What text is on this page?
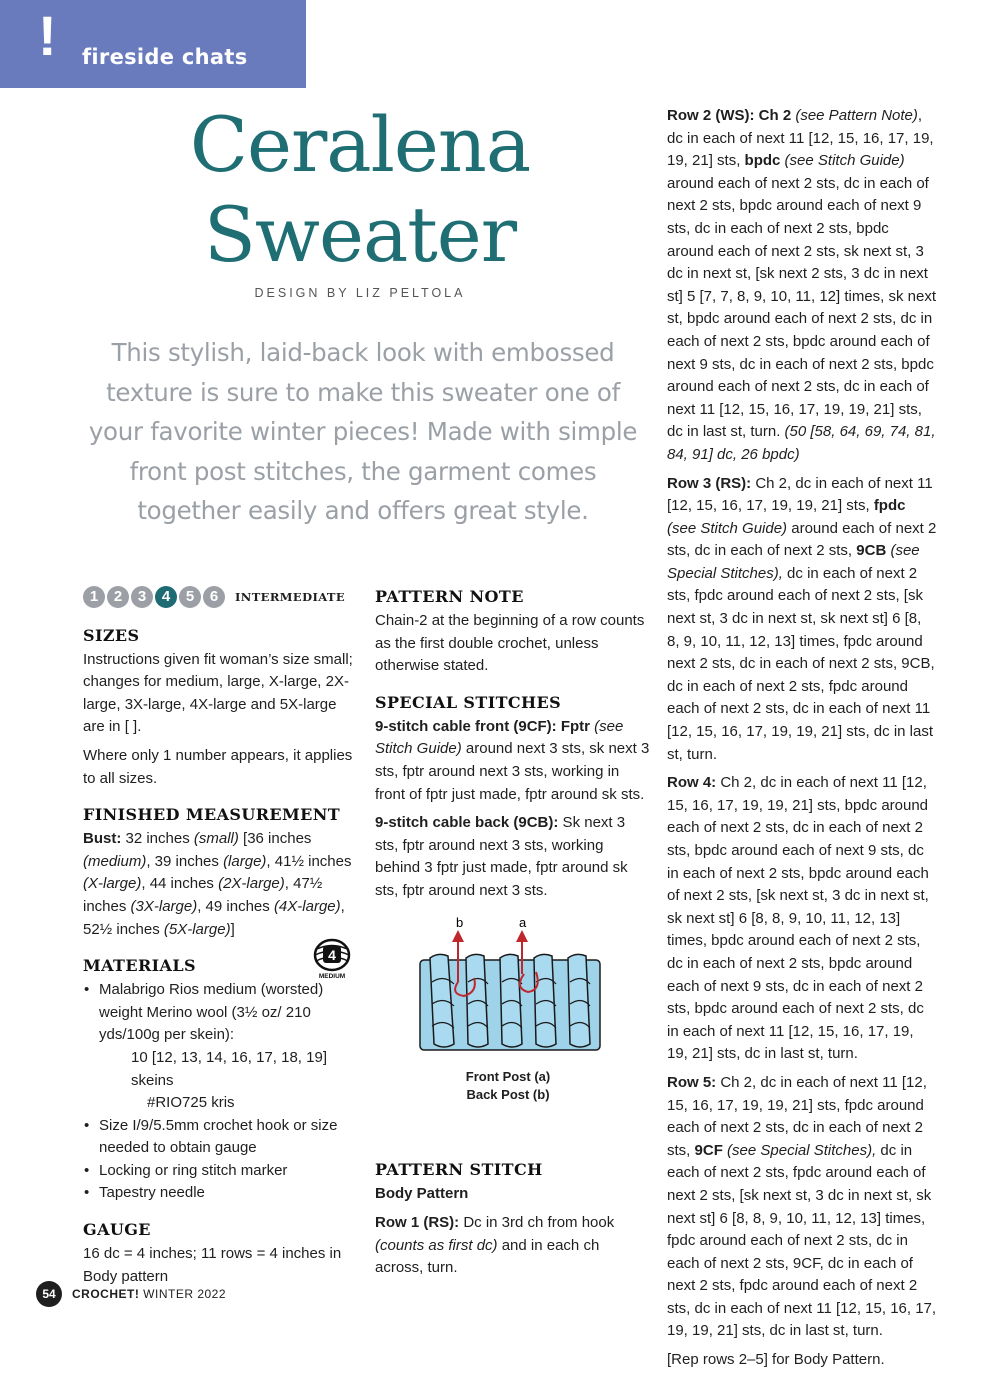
! fireside chats
Ceralena
Sweater
DESIGN BY LIZ PELTOLA
This stylish, laid-back look with embossed texture is sure to make this sweater one of your favorite winter pieces! Made with simple front post stitches, the garment comes together easily and offers great style.
1	2	3	4	5	6	INTERMEDIATE
SIZES

Instructions given fit woman’s size small; changes for medium, large, X-large, 2X-large, 3X-large, 4X-large and 5X-large are in [ ].

Where only 1 number appears, it applies to all sizes.

FINISHED MEASUREMENT

Bust: 32 inches (small) [36 inches (medium), 39 inches (large), 41½ inches (X-large), 44 inches (2X-large), 47½ inches (3X-large), 49 inches (4X-large), 52½ inches (5X-large)]

MATERIALS
• Malabrigo Rios medium (worsted) weight Merino wool (3½ oz/ 210 yds/100g per skein):
10 [12, 13, 14, 16, 17, 18, 19] skeins
#RIO725 kris
• Size I/9/5.5mm crochet hook or size needed to obtain gauge
• Locking or ring stitch marker
• Tapestry needle
GAUGE

16 dc = 4 inches; 11 rows = 4 inches in Body pattern

4
MEDIUM
PATTERN NOTE

Chain-2 at the beginning of a row counts as the first double crochet, unless otherwise stated.

SPECIAL STITCHES

9-stitch cable front (9CF): Fptr (see Stitch Guide) around next 3 sts, sk next 3 sts, fptr around next 3 sts, working in front of fptr just made, fptr around sk sts.

9-stitch cable back (9CB): Sk next 3 sts, fptr around next 3 sts, working behind 3 fptr just made, fptr around sk sts, fptr around next 3 sts.

PATTERN STITCH

Body Pattern

Row 1 (RS): Dc in 3rd ch from hook (counts as first dc) and in each ch across, turn.

b	a
Front Post (a)
Back Post (b)

Row 2 (WS): Ch 2 (see Pattern Note), dc in each of next 11 [12, 15, 16, 17, 19, 19, 21] sts, bpdc (see Stitch Guide) around each of next 2 sts, dc in each of next 2 sts, bpdc around each of next 9 sts, dc in each of next 2 sts, bpdc around each of next 2 sts, sk next st, 3 dc in next st, [sk next 2 sts, 3 dc in next st] 5 [7, 7, 8, 9, 10, 11, 12] times, sk next st, bpdc around each of next 2 sts, dc in each of next 2 sts, bpdc around each of next 9 sts, dc in each of next 2 sts, bpdc around each of next 2 sts, dc in each of next 11 [12, 15, 16, 17, 19, 19, 21] sts, dc in last st, turn. (50 [58, 64, 69, 74, 81, 84, 91] dc, 26 bpdc)

Row 3 (RS): Ch 2, dc in each of next 11 [12, 15, 16, 17, 19, 19, 21] sts, fpdc (see Stitch Guide) around each of next 2 sts, dc in each of next 2 sts, 9CB (see Special Stitches), dc in each of next 2 sts, fpdc around each of next 2 sts, [sk next st, 3 dc in next st, sk next st] 6 [8, 8, 9, 10, 11, 12, 13] times, fpdc around next 2 sts, dc in each of next 2 sts, 9CB, dc in each of next 2 sts, fpdc around each of next 2 sts, dc in each of next 11 [12, 15, 16, 17, 19, 19, 21] sts, dc in last st, turn.

Row 4: Ch 2, dc in each of next 11 [12, 15, 16, 17, 19, 19, 21] sts, bpdc around each of next 2 sts, dc in each of next 2 sts, bpdc around each of next 9 sts, dc in each of next 2 sts, bpdc around each of next 2 sts, [sk next st, 3 dc in next st, sk next st] 6 [8, 8, 9, 10, 11, 12, 13] times, bpdc around each of next 2 sts, dc in each of next 2 sts, bpdc around each of next 9 sts, dc in each of next 2 sts, bpdc around each of next 2 sts, dc in each of next 11 [12, 15, 16, 17, 19, 19, 21] sts, dc in last st, turn.

Row 5: Ch 2, dc in each of next 11 [12, 15, 16, 17, 19, 19, 21] sts, fpdc around each of next 2 sts, dc in each of next 2 sts, 9CF (see Special Stitches), dc in each of next 2 sts, fpdc around each of next 2 sts, [sk next st, 3 dc in next st, sk next st] 6 [8, 8, 9, 10, 11, 12, 13] times, fpdc around each of next 2 sts, dc in each of next 2 sts, 9CF, dc in each of next 2 sts, fpdc around each of next 2 sts, dc in each of next 11 [12, 15, 16, 17, 19, 19, 21] sts, dc in last st, turn.

[Rep rows 2–5] for Body Pattern.

54	CROCHET! WINTER 2022
